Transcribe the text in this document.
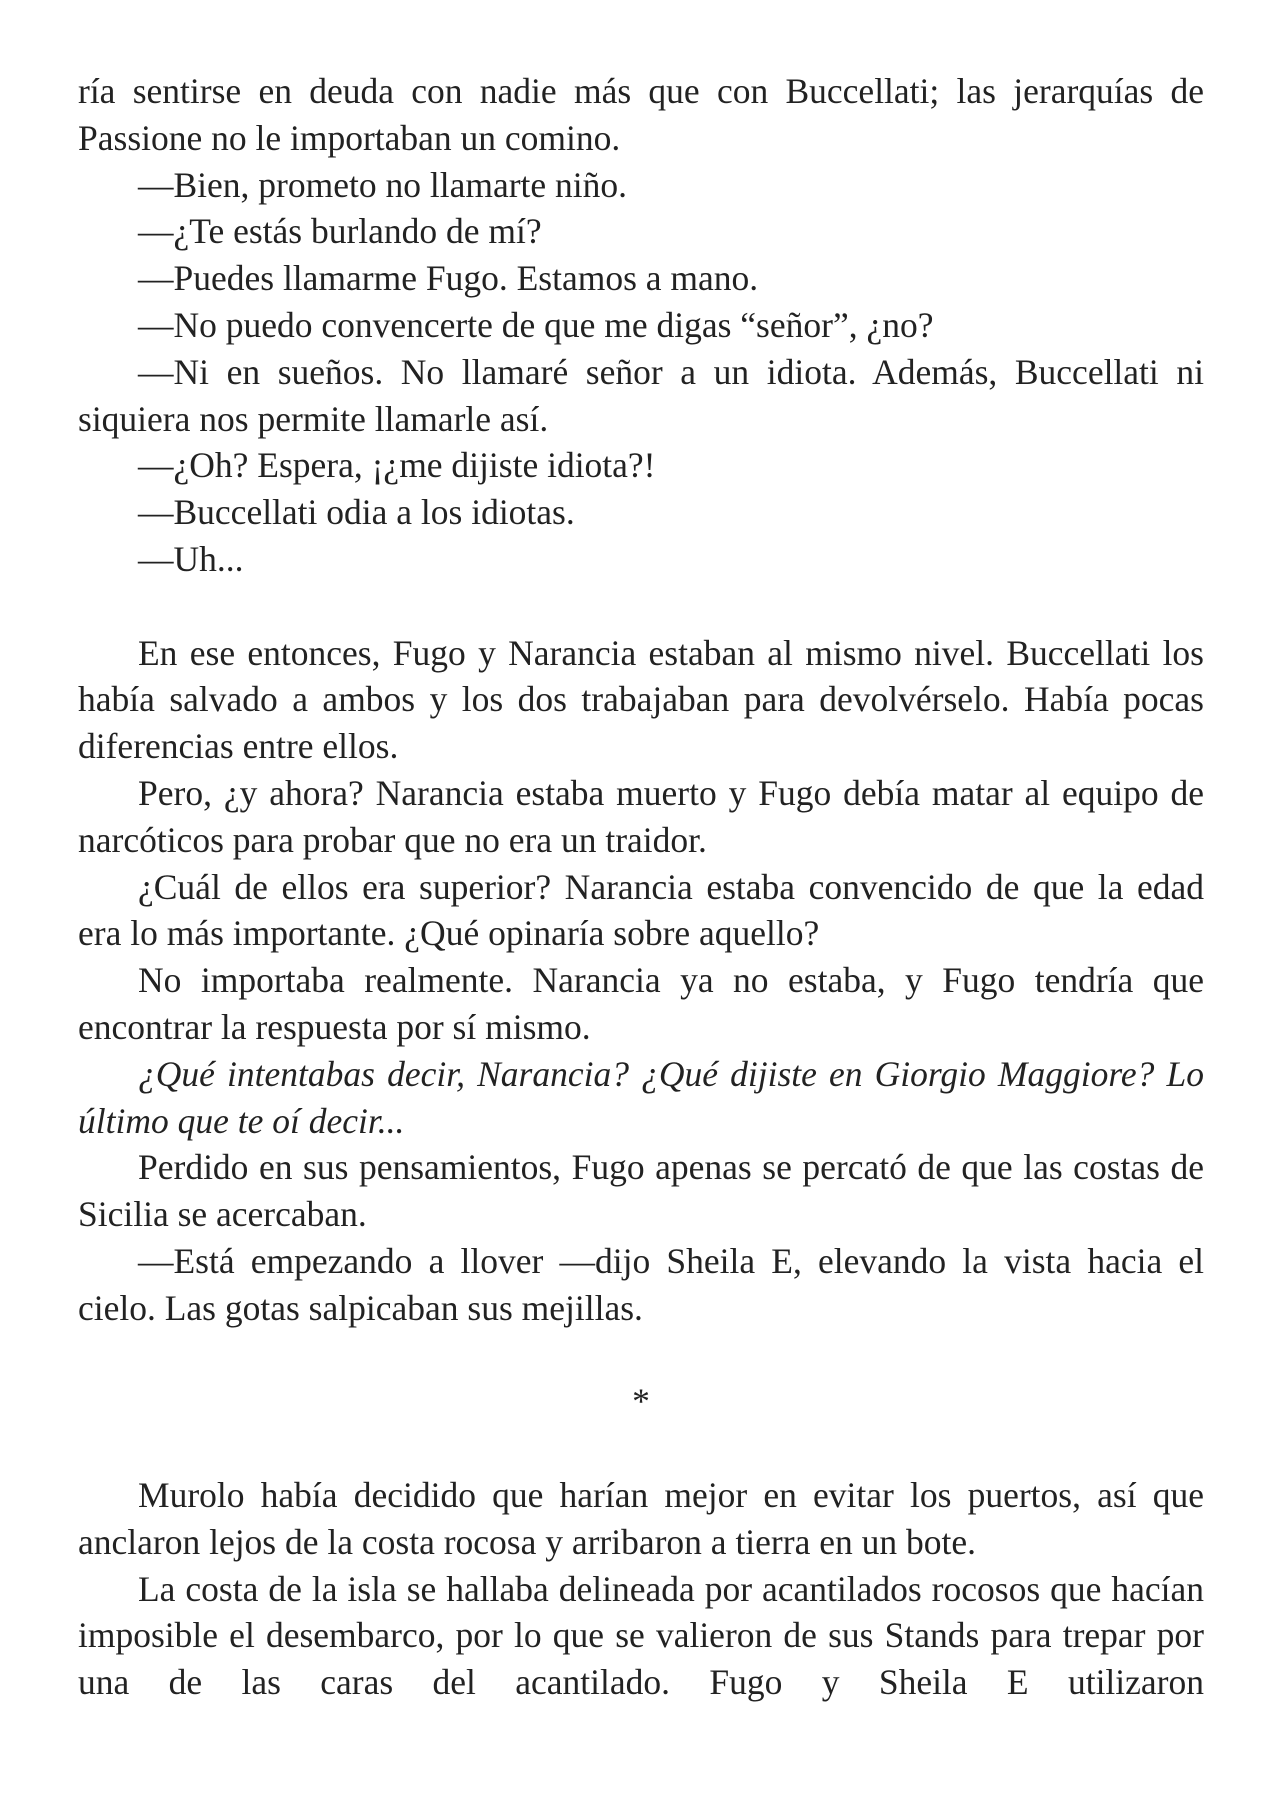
ría sentirse en deuda con nadie más que con Buccellati; las jerarquías de Passione no le importaban un comino.

—Bien, prometo no llamarte niño.

—¿Te estás burlando de mí?

—Puedes llamarme Fugo. Estamos a mano.

—No puedo convencerte de que me digas “señor”, ¿no?

—Ni en sueños. No llamaré señor a un idiota. Además, Buccellati ni siquiera nos permite llamarle así.

—¿Oh? Espera, ¡¿me dijiste idiota?!

—Buccellati odia a los idiotas.

—Uh...

En ese entonces, Fugo y Narancia estaban al mismo nivel. Buccellati los había salvado a ambos y los dos trabajaban para devolvérselo. Había pocas diferencias entre ellos.

Pero, ¿y ahora? Narancia estaba muerto y Fugo debía matar al equipo de narcóticos para probar que no era un traidor.

¿Cuál de ellos era superior? Narancia estaba convencido de que la edad era lo más importante. ¿Qué opinaría sobre aquello?

No importaba realmente. Narancia ya no estaba, y Fugo tendría que encontrar la respuesta por sí mismo.

¿Qué intentabas decir, Narancia? ¿Qué dijiste en Giorgio Maggiore? Lo último que te oí decir...

Perdido en sus pensamientos, Fugo apenas se percató de que las costas de Sicilia se acercaban.

—Está empezando a llover —dijo Sheila E, elevando la vista hacia el cielo. Las gotas salpicaban sus mejillas.

*

Murolo había decidido que harían mejor en evitar los puertos, así que anclaron lejos de la costa rocosa y arribaron a tierra en un bote.

La costa de la isla se hallaba delineada por acantilados rocosos que hacían imposible el desembarco, por lo que se valieron de sus Stands para trepar por una de las caras del acantilado. Fugo y Sheila E utilizaron
